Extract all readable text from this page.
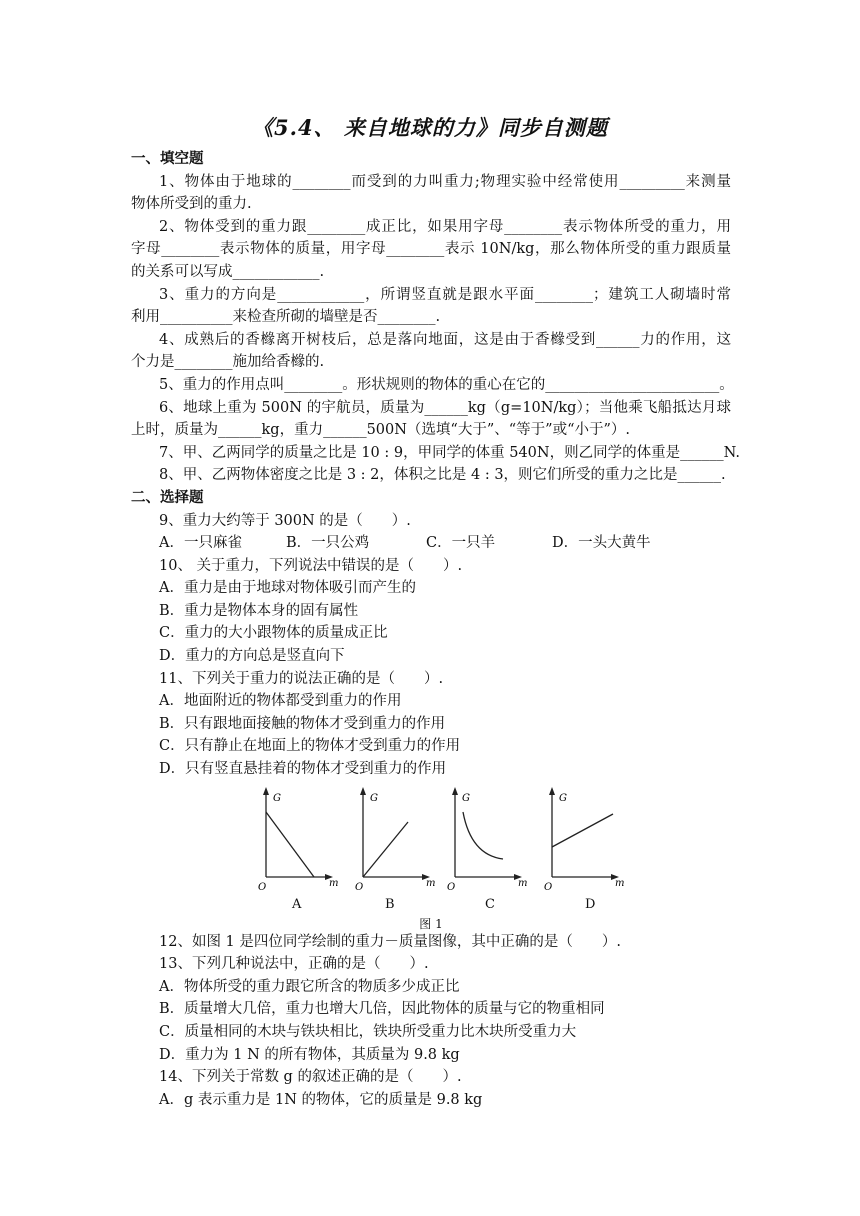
《5.4、 来自地球的力》同步自测题
一、填空题
1、物体由于地球的________而受到的力叫重力;物理实验中经常使用_________来测量
物体所受到的重力.
2、物体受到的重力跟________成正比，如果用字母________表示物体所受的重力，用
字母________表示物体的质量，用字母________表示 10N/kg，那么物体所受的重力跟质量
的关系可以写成____________.
3、重力的方向是____________，所谓竖直就是跟水平面________；建筑工人砌墙时常
利用__________来检查所砌的墙壁是否________.
4、成熟后的香橼离开树枝后，总是落向地面，这是由于香橼受到______力的作用，这
个力是________施加给香橼的.
5、重力的作用点叫________。形状规则的物体的重心在它的________________________。
6、地球上重为 500N 的宇航员，质量为______kg（g=10N/kg）；当他乘飞船抵达月球
上时，质量为______kg，重力______500N（选填“大于”、“等于”或“小于”）.
7、甲、乙两同学的质量之比是 10 : 9，甲同学的体重 540N，则乙同学的体重是______N.
8、甲、乙两物体密度之比是 3 : 2，体积之比是 4 : 3，则它们所受的重力之比是______.
二、选择题
9、重力大约等于 300N 的是（　　）.
A．一只麻雀	B．一只公鸡	C．一只羊	D．一头大黄牛
10、 关于重力，下列说法中错误的是（　　）.
A．重力是由于地球对物体吸引而产生的
B．重力是物体本身的固有属性
C．重力的大小跟物体的质量成正比
D．重力的方向总是竖直向下
11、下列关于重力的说法正确的是（　　）.
A．地面附近的物体都受到重力的作用
B．只有跟地面接触的物体才受到重力的作用
C．只有静止在地面上的物体才受到重力的作用
D．只有竖直悬挂着的物体才受到重力的作用
G
m
O
G
m
O
G
m
O
G
m
O
A	B	C	D
图 1
12、如图 1 是四位同学绘制的重力－质量图像，其中正确的是（　　）.
13、下列几种说法中，正确的是（　　）.
A．物体所受的重力跟它所含的物质多少成正比
B．质量增大几倍，重力也增大几倍，因此物体的质量与它的物重相同
C．质量相同的木块与铁块相比，铁块所受重力比木块所受重力大
D．重力为 1 N 的所有物体，其质量为 9.8 kg
14、下列关于常数 g 的叙述正确的是（　　）.
A．g 表示重力是 1N 的物体，它的质量是 9.8 kg
